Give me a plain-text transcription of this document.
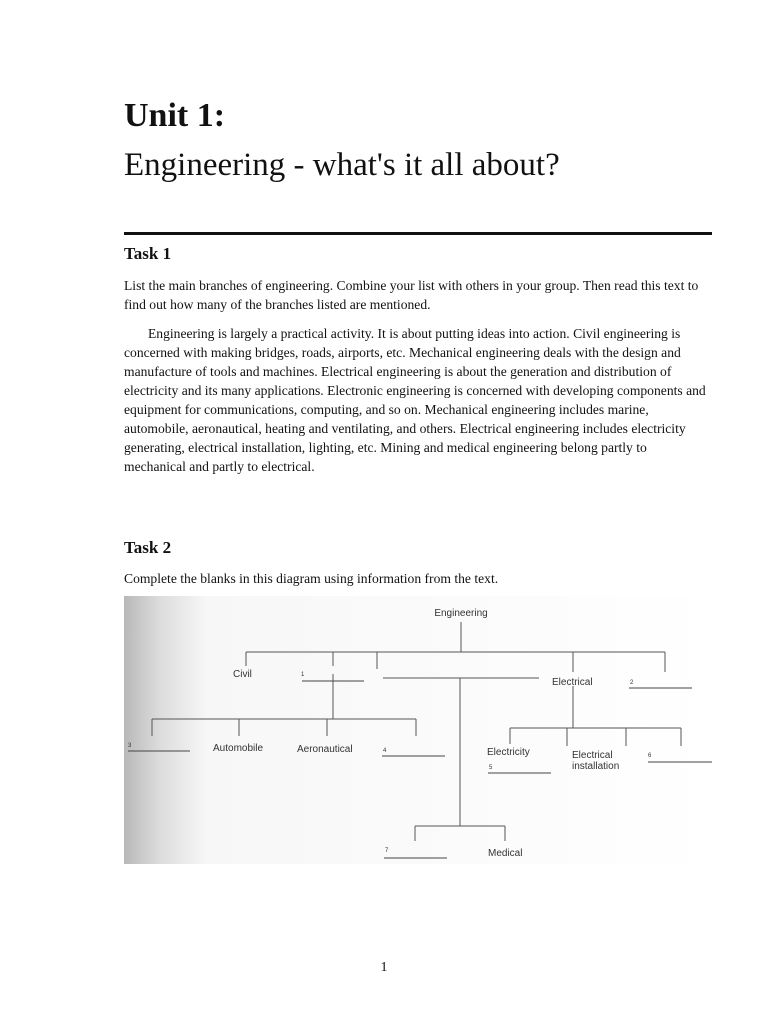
Unit 1:
Engineering - what's it all about?
Task 1

List the main branches of engineering. Combine your list with others in your group. Then read this text to find out how many of the branches listed are mentioned.

Engineering is largely a practical activity. It is about putting ideas into action. Civil engineering is concerned with making bridges, roads, airports, etc. Mechanical engineering deals with the design and manufacture of tools and machines. Electrical engineering is about the generation and distribution of electricity and its many applications. Electronic engineering is concerned with developing components and equipment for communications, computing, and so on. Mechanical engineering includes marine, automobile, aeronautical, heating and ventilating, and others. Electrical engineering includes electricity generating, electrical installation, lighting, etc. Mining and medical engineering belong partly to mechanical and partly to electrical.

Task 2

Complete the blanks in this diagram using information from the text.

Engineering
Civil
Electrical
Automobile	Aeronautical	Electricity	Electrical
installation
Medical
1
2
3
4
5
6
7

1
